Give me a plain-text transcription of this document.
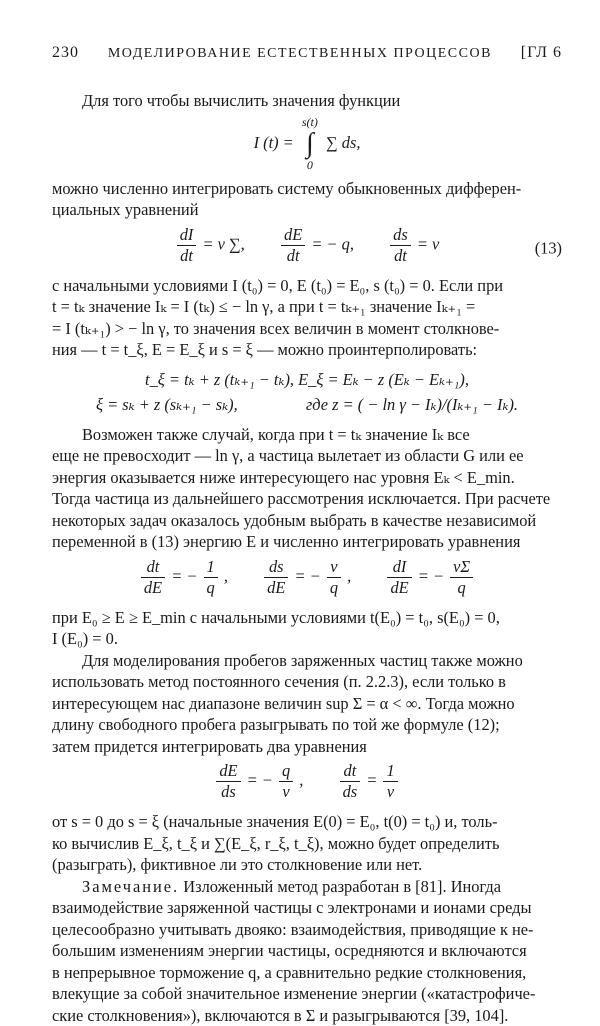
230 МОДЕЛИРОВАНИЕ ЕСТЕСТВЕННЫХ ПРОЦЕССОВ [ГЛ 6

Для того чтобы вычислить значения функции

I (t) =
s(t)
∫
0
∑ ds,
можно численно интегрировать систему обыкновенных дифферен-
циальных уравнений
$\frac{dI}{dt} = v$ ∑, $\frac{dE}{dt}$ = − q, $\frac{ds}{dt} = v$	(13)
с начальными условиями I (t₀) = 0, E (t₀) = E₀, s (t₀) = 0. Если при
t = tₖ значение Iₖ = I (tₖ) ≤ − ln γ, а при t = tₖ₊₁ значение Iₖ₊₁ =
= I (tₖ₊₁) > − ln γ, то значения всех величин в момент столкнове-
ния — t = t_ξ, E = E_ξ и s = ξ — можно проинтерполировать:
t_ξ = tₖ + z (tₖ₊₁ − tₖ), E_ξ = Eₖ − z (Eₖ − Eₖ₊₁),
ξ = sₖ + z (sₖ₊₁ − sₖ),	где z = ( − ln γ − Iₖ)/(Iₖ₊₁ − Iₖ).
Возможен также случай, когда при t = tₖ значение Iₖ все
еще не превосходит — ln γ, а частица вылетает из области G или ее
энергия оказывается ниже интересующего нас уровня Eₖ < E_min.
Тогда частица из дальнейшего рассмотрения исключается. При расчете
некоторых задач оказалось удобным выбрать в качестве независимой
переменной в (13) энергию E и численно интегрировать уравнения
$\frac{dt}{dE}$ = − $\frac{1}{q}$ , $\frac{ds}{dE}$ = − $\frac{v}{q}$ , $\frac{dI}{dE}$ = − $\frac{v\Sigma}{q}$
при E₀ ≥ E ≥ E_min с начальными условиями t(E₀) = t₀, s(E₀) = 0,
I (E₀) = 0.
Для моделирования пробегов заряженных частиц также можно
использовать метод постоянного сечения (п. 2.2.3), если только в
интересующем нас диапазоне величин sup Σ = α < ∞. Тогда можно
длину свободного пробега разыгрывать по той же формуле (12);
затем придется интегрировать два уравнения
$\frac{dE}{ds}$ = − $\frac{q}{v}$ , $\frac{dt}{ds} = \frac{1}{v}$
от s = 0 до s = ξ (начальные значения E(0) = E₀, t(0) = t₀) и, толь-
ко вычислив E_ξ, t_ξ и ∑(E_ξ, r_ξ, t_ξ), можно будет определить
(разыграть), фиктивное ли это столкновение или нет.
Замечание. Изложенный метод разработан в [81]. Иногда
взаимодействие заряженной частицы с электронами и ионами среды
целесообразно учитывать двояко: взаимодействия, приводящие к не-
большим изменениям энергии частицы, осредняются и включаются
в непрерывное торможение q, а сравнительно редкие столкновения,
влекущие за собой значительное изменение энергии («катастрофиче-
ские столкновения»), включаются в Σ и разыгрываются [39, 104].
